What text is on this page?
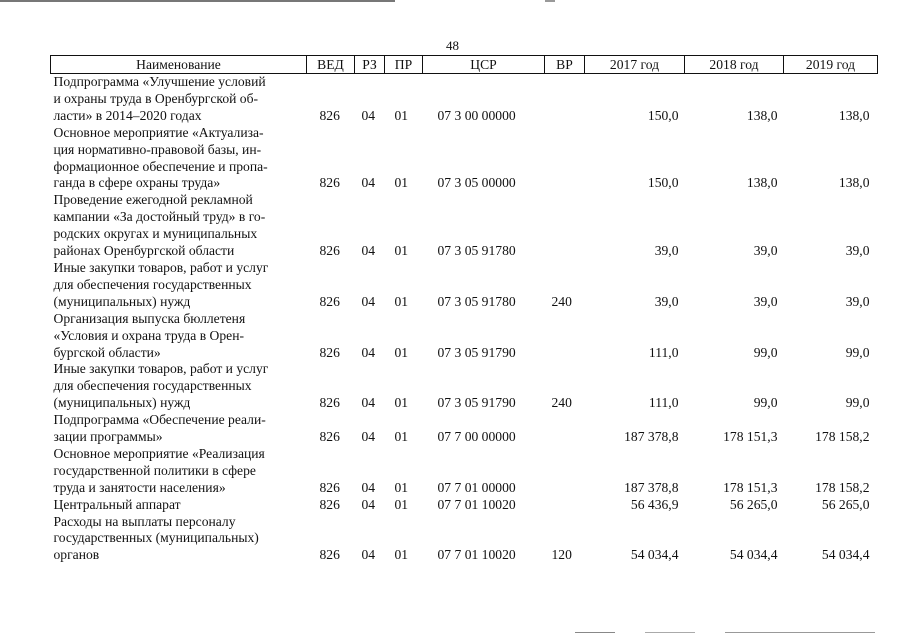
48
Наименование	ВЕД	РЗ	ПР	ЦСР	ВР	2017 год	2018 год	2019 год

Подпрограмма «Улучшение условий
и охраны труда в Оренбургской об-
ласти» в 2014–2020 годах	826	04	01	07 3 00 00000		150,0	138,0	138,0

Основное мероприятие «Актуализа-
ция нормативно-правовой базы, ин-
формационное обеспечение и пропа-
ганда в сфере охраны труда»	826	04	01	07 3 05 00000		150,0	138,0	138,0

Проведение ежегодной рекламной
кампании «За достойный труд» в го-
родских округах и муниципальных
районах Оренбургской области	826	04	01	07 3 05 91780		39,0	39,0	39,0

Иные закупки товаров, работ и услуг
для обеспечения государственных
(муниципальных) нужд	826	04	01	07 3 05 91780	240	39,0	39,0	39,0

Организация выпуска бюллетеня
«Условия и охрана труда в Орен-
бургской области»	826	04	01	07 3 05 91790		111,0	99,0	99,0

Иные закупки товаров, работ и услуг
для обеспечения государственных
(муниципальных) нужд	826	04	01	07 3 05 91790	240	111,0	99,0	99,0

Подпрограмма «Обеспечение реали-
зации программы»	826	04	01	07 7 00 00000		187 378,8	178 151,3	178 158,2

Основное мероприятие «Реализация
государственной политики в сфере
труда и занятости населения»	826	04	01	07 7 01 00000		187 378,8	178 151,3	178 158,2

Центральный аппарат	826	04	01	07 7 01 10020		56 436,9	56 265,0	56 265,0

Расходы на выплаты персоналу
государственных (муниципальных)
органов	826	04	01	07 7 01 10020	120	54 034,4	54 034,4	54 034,4
